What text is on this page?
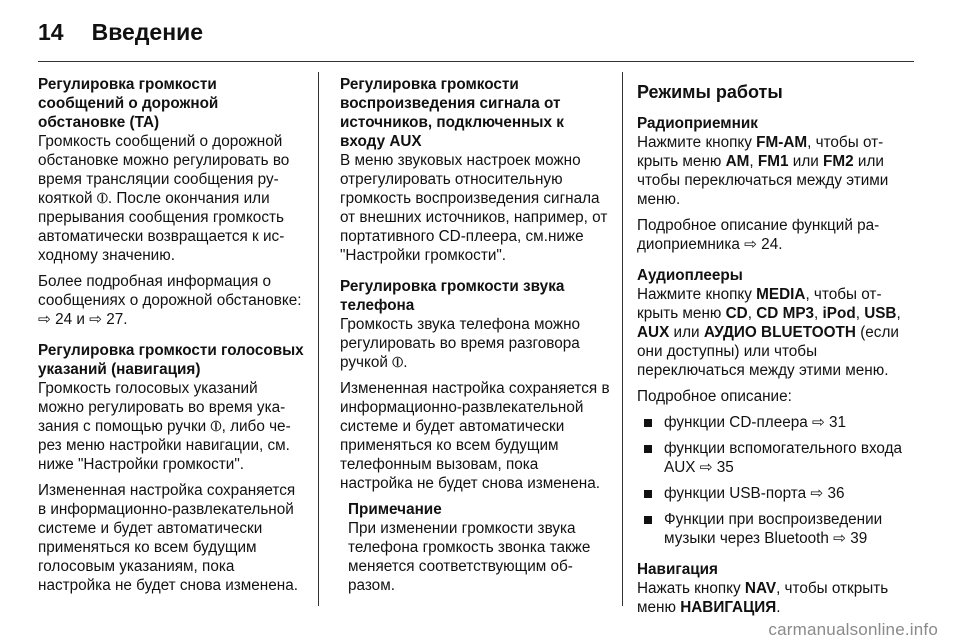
14 Введение

Регулировка громкости сообщений о дорожной обстановке (ТА)

Громкость сообщений о дорожной обстановке можно регулировать во время трансляции сообщения рукояткой ⦶. После окончания или прерывания сообщения громкость автоматически возвращается к исходному значению.

Более подробная информация о сообщениях о дорожной обстановке: ⇨ 24 и ⇨ 27.

Регулировка громкости голосовых указаний (навигация)

Громкость голосовых указаний можно регулировать во время указания с помощью ручки ⦶, либо через меню настройки навигации, см. ниже "Настройки громкости".

Измененная настройка сохраняется в информационно-развлекательной системе и будет автоматически применяться ко всем будущим голосовым указаниям, пока настройка не будет снова изменена.

Регулировка громкости воспроизведения сигнала от источников, подключенных к входу AUX

В меню звуковых настроек можно отрегулировать относительную громкость воспроизведения сигнала от внешних источников, например, от портативного CD-плеера, см.ниже "Настройки громкости".

Регулировка громкости звука телефона

Громкость звука телефона можно регулировать во время разговора ручкой ⦶.

Измененная настройка сохраняется в информационно-развлекательной системе и будет автоматически применяться ко всем будущим телефонным вызовам, пока настройка не будет снова изменена.

Примечание

При изменении громкости звука телефона громкость звонка также меняется соответствующим образом.

Режимы работы

Радиоприемник

Нажмите кнопку FM-AM, чтобы открыть меню AM, FM1 или FM2 или чтобы переключаться между этими меню.

Подробное описание функций радиоприемника ⇨ 24.

Аудиоплееры

Нажмите кнопку MEDIA, чтобы открыть меню CD, CD MP3, iPod, USB, AUX или АУДИО BLUETOOTH (если они доступны) или чтобы переключаться между этими меню.

Подробное описание:

функции CD-плеера ⇨ 31
функции вспомогательного входа AUX ⇨ 35
функции USB-порта ⇨ 36
Функции при воспроизведении музыки через Bluetooth ⇨ 39

Навигация

Нажать кнопку NAV, чтобы открыть меню НАВИГАЦИЯ.

carmanualsonline.info
